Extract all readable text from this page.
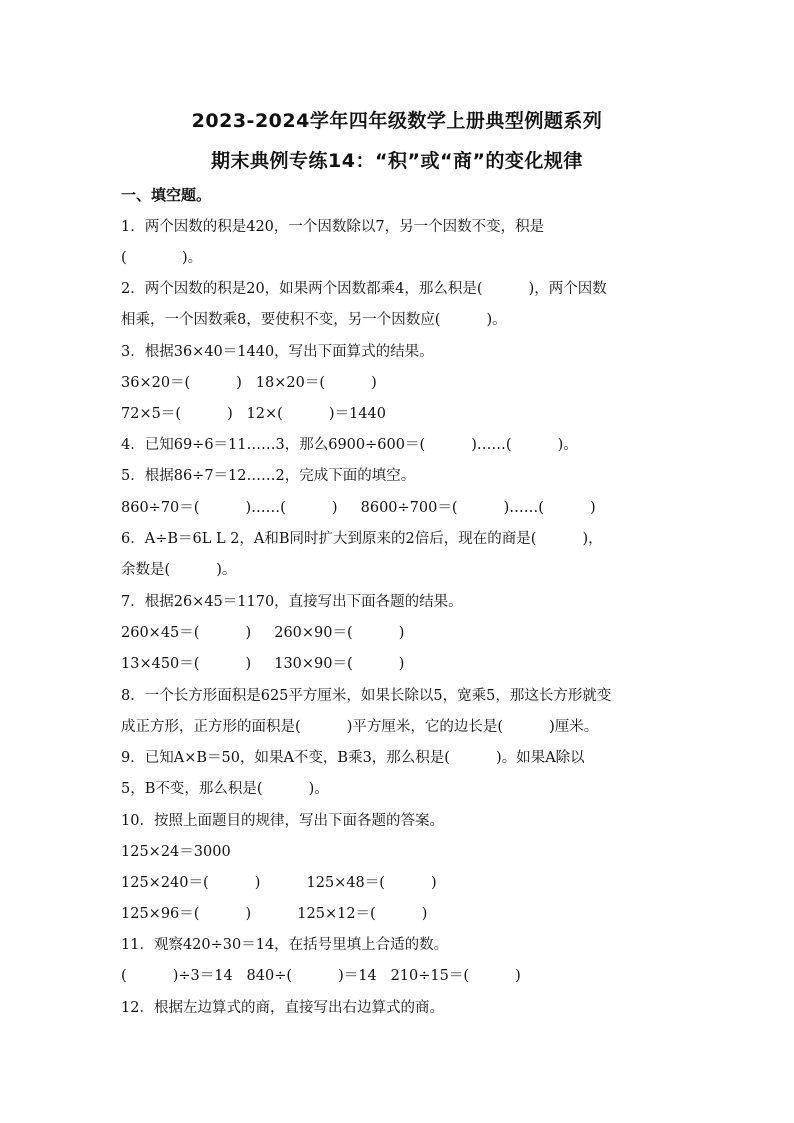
2023-2024学年四年级数学上册典型例题系列
期末典例专练14：“积”或“商”的变化规律
一、填空题。
1．两个因数的积是420，一个因数除以7，另一个因数不变，积是
(            )。
2．两个因数的积是20，如果两个因数都乘4，那么积是(          )，两个因数
相乘，一个因数乘8，要使积不变，另一个因数应(          )。
3．根据36×40＝1440，写出下面算式的结果。
36×20＝(          )   18×20＝(          )
72×5＝(          )   12×(          )＝1440
4．已知69÷6＝11……3，那么6900÷600＝(          )……(          )。
5．根据86÷7＝12……2，完成下面的填空。
860÷70＝(          )……(          )     8600÷700＝(          )……(          )
6．A÷B＝6L L 2，A和B同时扩大到原来的2倍后，现在的商是(          )，
余数是(          )。
7．根据26×45＝1170，直接写出下面各题的结果。
260×45＝(          )     260×90＝(          )
13×450＝(          )     130×90＝(          )
8．一个长方形面积是625平方厘米，如果长除以5，宽乘5，那这长方形就变
成正方形，正方形的面积是(          )平方厘米，它的边长是(          )厘米。
9．已知A×B＝50，如果A不变，B乘3，那么积是(          )。如果A除以
5，B不变，那么积是(          )。
10．按照上面题目的规律，写出下面各题的答案。
125×24＝3000
125×240＝(          )          125×48＝(          )
125×96＝(          )          125×12＝(          )
11．观察420÷30＝14，在括号里填上合适的数。
(          )÷3＝14   840÷(          )＝14   210÷15＝(          )
12．根据左边算式的商，直接写出右边算式的商。
